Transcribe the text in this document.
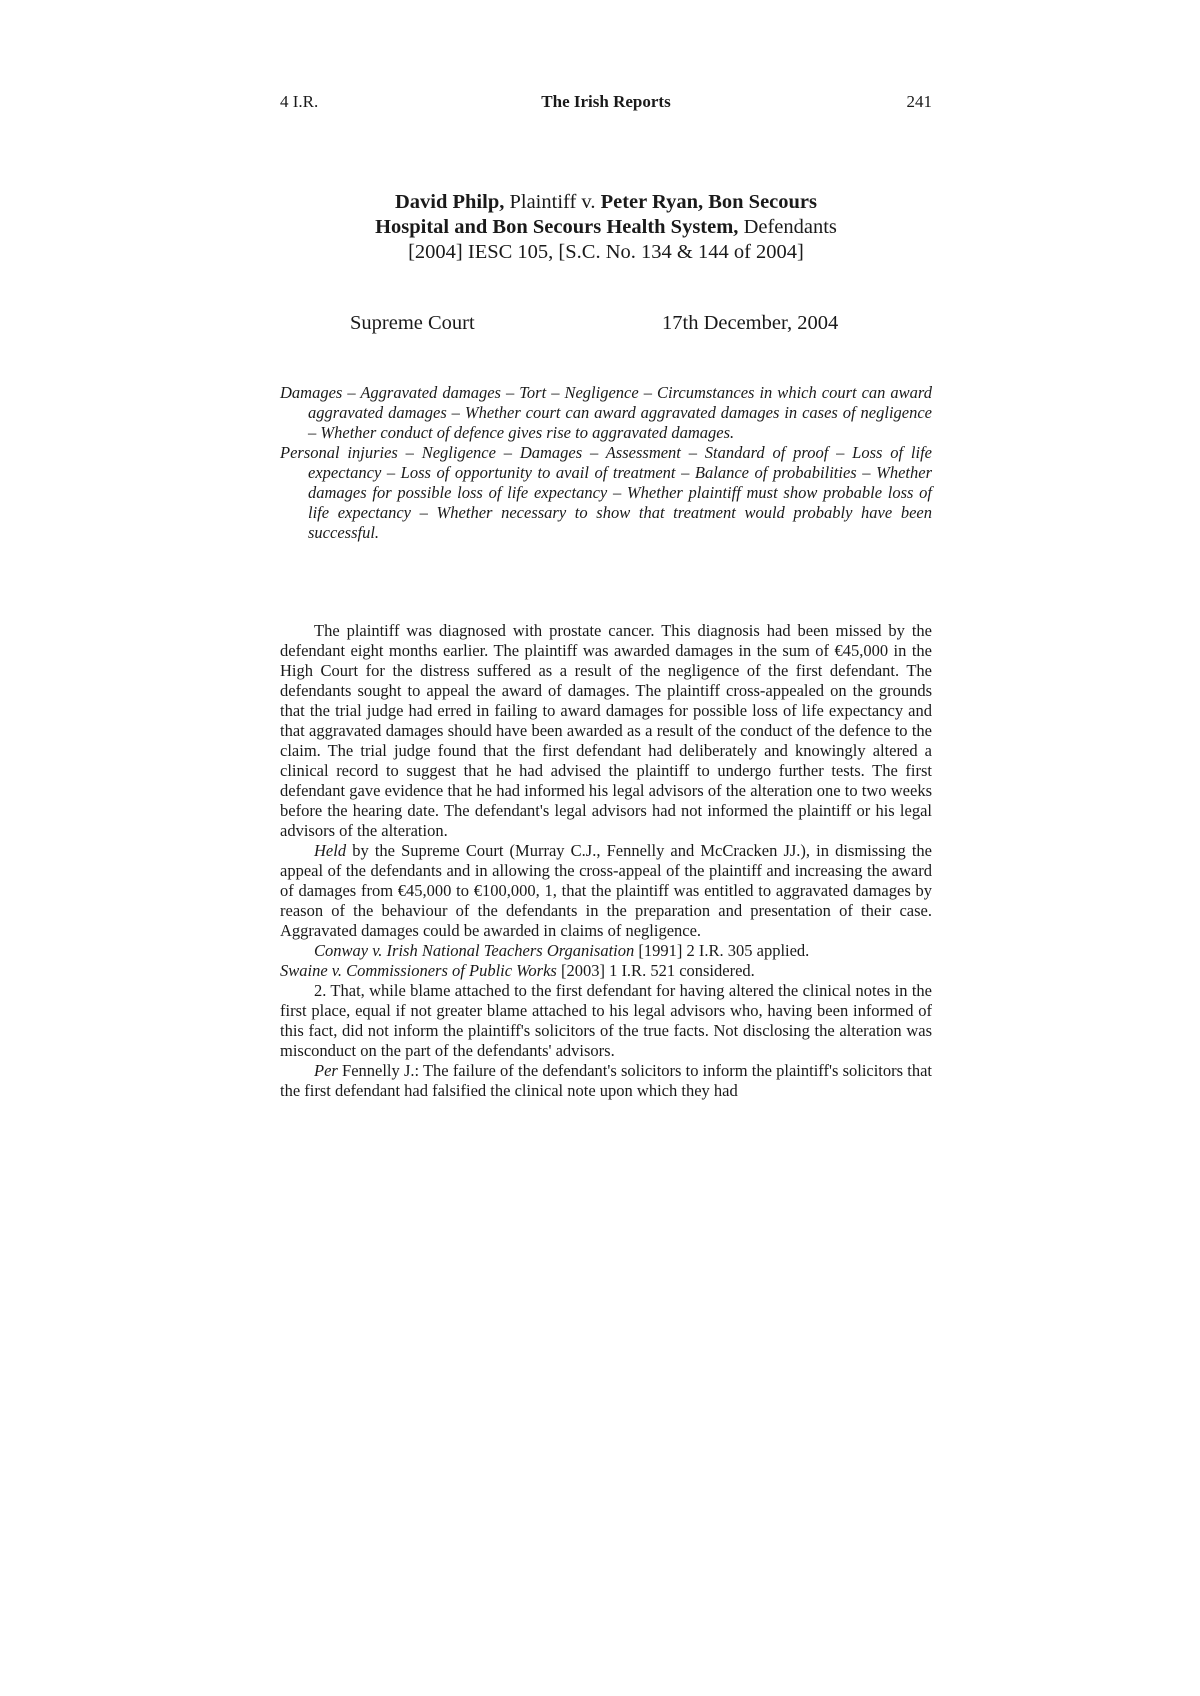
4 I.R.	The Irish Reports	241
David Philp, Plaintiff v. Peter Ryan, Bon Secours
Hospital and Bon Secours Health System, Defendants
[2004] IESC 105, [S.C. No. 134 & 144 of 2004]
Supreme Court	17th December, 2004

Damages – Aggravated damages – Tort – Negligence – Circumstances in which court can award aggravated damages – Whether court can award aggravated damages in cases of negligence – Whether conduct of defence gives rise to aggravated damages.

Personal injuries – Negligence – Damages – Assessment – Standard of proof – Loss of life expectancy – Loss of opportunity to avail of treatment – Balance of probabilities – Whether damages for possible loss of life expectancy – Whether plaintiff must show probable loss of life expectancy – Whether necessary to show that treatment would probably have been successful.

The plaintiff was diagnosed with prostate cancer. This diagnosis had been missed by the defendant eight months earlier. The plaintiff was awarded damages in the sum of €45,000 in the High Court for the distress suffered as a result of the negligence of the first defendant. The defendants sought to appeal the award of damages. The plaintiff cross-appealed on the grounds that the trial judge had erred in failing to award damages for possible loss of life expectancy and that aggravated damages should have been awarded as a result of the conduct of the defence to the claim. The trial judge found that the first defendant had deliberately and knowingly altered a clinical record to suggest that he had advised the plaintiff to undergo further tests. The first defendant gave evidence that he had informed his legal advisors of the alteration one to two weeks before the hearing date. The defendant's legal advisors had not informed the plaintiff or his legal advisors of the alteration.

Held by the Supreme Court (Murray C.J., Fennelly and McCracken JJ.), in dismissing the appeal of the defendants and in allowing the cross-appeal of the plaintiff and increasing the award of damages from €45,000 to €100,000, 1, that the plaintiff was entitled to aggravated damages by reason of the behaviour of the defendants in the preparation and presentation of their case. Aggravated damages could be awarded in claims of negligence.

Conway v. Irish National Teachers Organisation [1991] 2 I.R. 305 applied.
Swaine v. Commissioners of Public Works [2003] 1 I.R. 521 considered.

2. That, while blame attached to the first defendant for having altered the clinical notes in the first place, equal if not greater blame attached to his legal advisors who, having been informed of this fact, did not inform the plaintiff's solicitors of the true facts. Not disclosing the alteration was misconduct on the part of the defendants' advisors.

Per Fennelly J.: The failure of the defendant's solicitors to inform the plaintiff's solicitors that the first defendant had falsified the clinical note upon which they had
